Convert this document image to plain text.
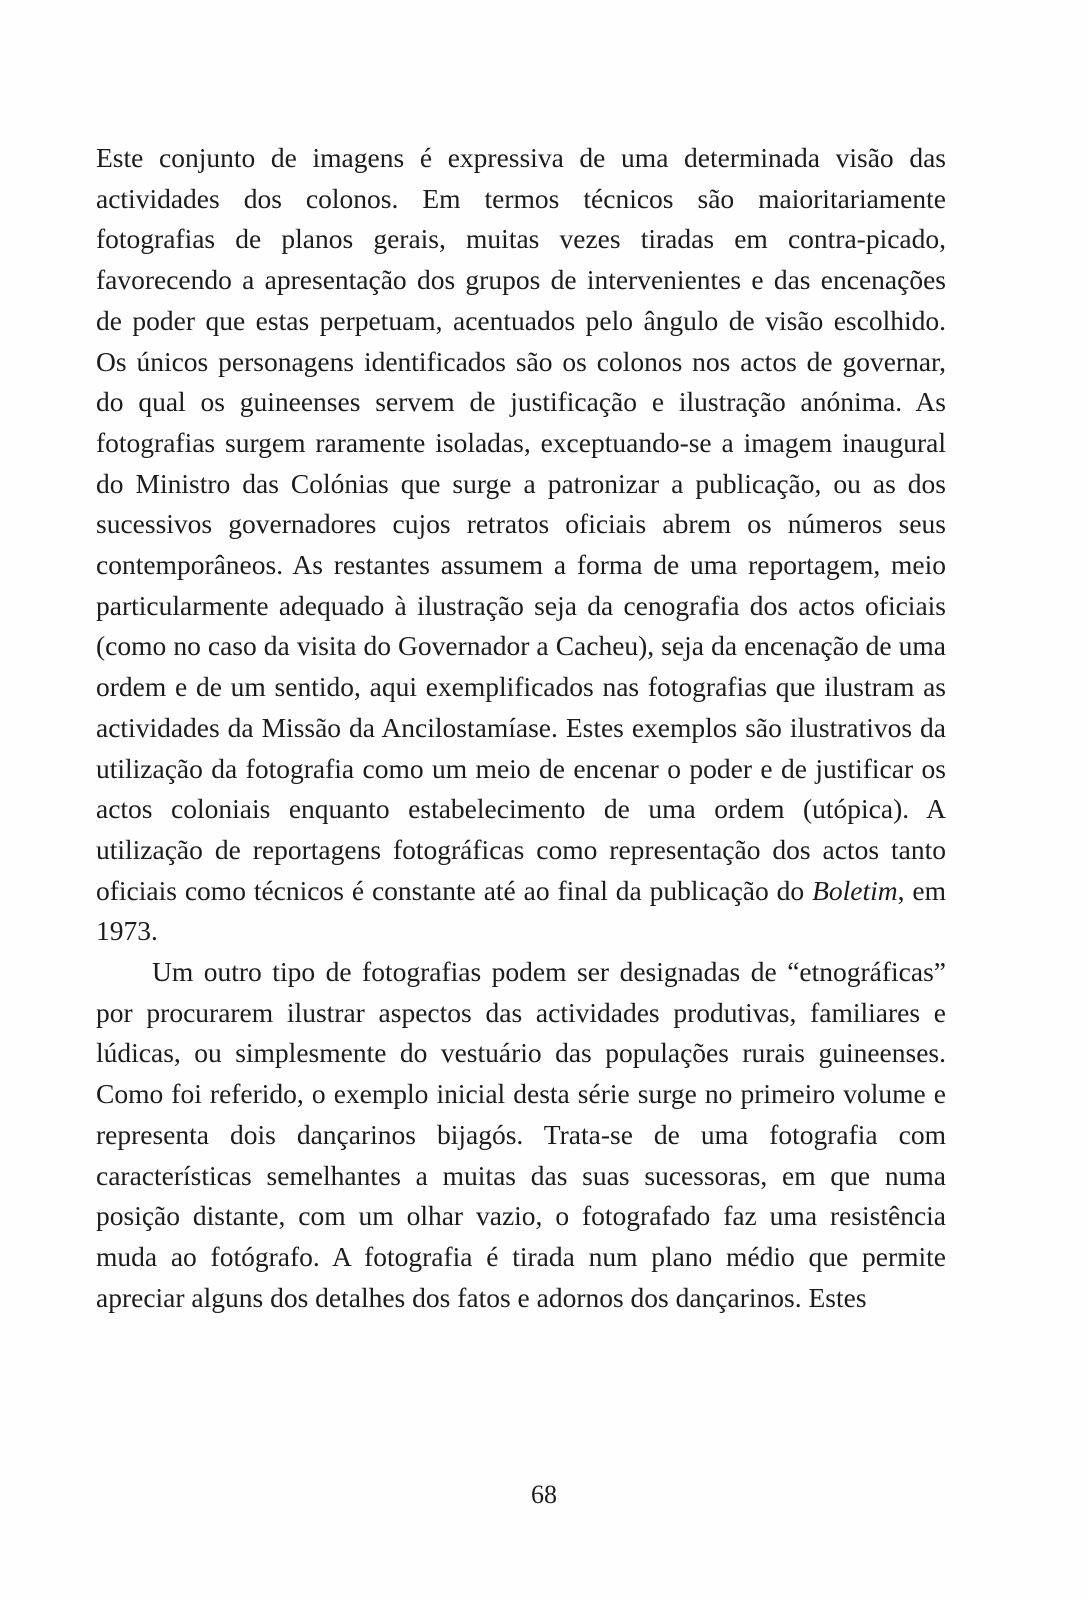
Este conjunto de imagens é expressiva de uma determinada visão das actividades dos colonos. Em termos técnicos são maioritariamente fotografias de planos gerais, muitas vezes tiradas em contra-picado, favorecendo a apresentação dos grupos de intervenientes e das encenações de poder que estas perpetuam, acentuados pelo ângulo de visão escolhido. Os únicos personagens identificados são os colonos nos actos de governar, do qual os guineenses servem de justificação e ilustração anónima. As fotografias surgem raramente isoladas, exceptuando-se a imagem inaugural do Ministro das Colónias que surge a patronizar a publicação, ou as dos sucessivos governadores cujos retratos oficiais abrem os números seus contemporâneos. As restantes assumem a forma de uma reportagem, meio particularmente adequado à ilustração seja da cenografia dos actos oficiais (como no caso da visita do Governador a Cacheu), seja da encenação de uma ordem e de um sentido, aqui exemplificados nas fotografias que ilustram as actividades da Missão da Ancilostamíase. Estes exemplos são ilustrativos da utilização da fotografia como um meio de encenar o poder e de justificar os actos coloniais enquanto estabelecimento de uma ordem (utópica). A utilização de reportagens fotográficas como representação dos actos tanto oficiais como técnicos é constante até ao final da publicação do Boletim, em 1973.

Um outro tipo de fotografias podem ser designadas de “etnográficas” por procurarem ilustrar aspectos das actividades produtivas, familiares e lúdicas, ou simplesmente do vestuário das populações rurais guineenses. Como foi referido, o exemplo inicial desta série surge no primeiro volume e representa dois dançarinos bijagós. Trata-se de uma fotografia com características semelhantes a muitas das suas sucessoras, em que numa posição distante, com um olhar vazio, o fotografado faz uma resistência muda ao fotógrafo. A fotografia é tirada num plano médio que permite apreciar alguns dos detalhes dos fatos e adornos dos dançarinos. Estes

68
